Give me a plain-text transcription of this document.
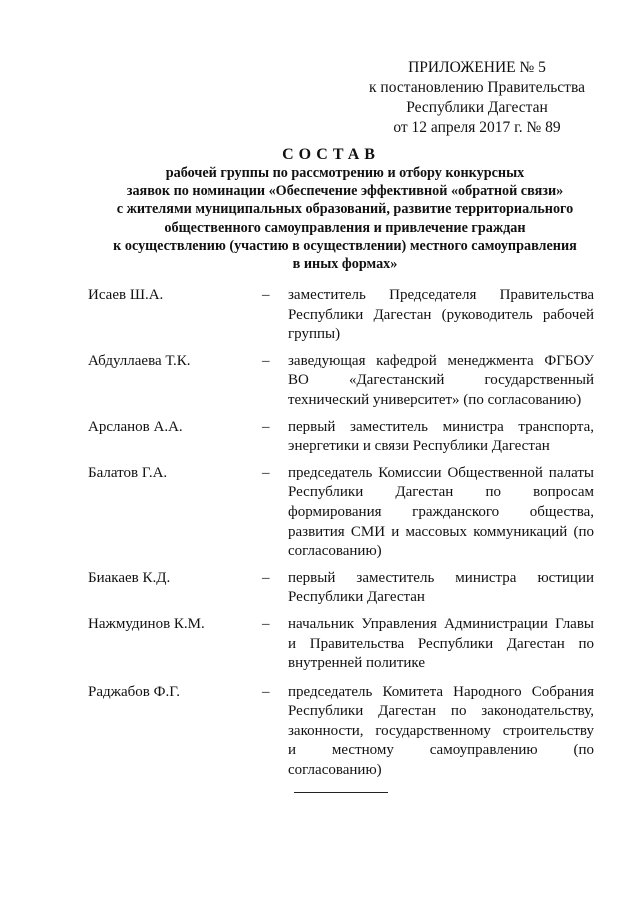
ПРИЛОЖЕНИЕ № 5
к постановлению Правительства
Республики Дагестан
от 12 апреля 2017 г. № 89
СОСТАВ
рабочей группы по рассмотрению и отбору конкурсных
заявок по номинации «Обеспечение эффективной «обратной связи»
с жителями муниципальных образований, развитие территориального
общественного самоуправления и привлечение граждан
к осуществлению (участию в осуществлении) местного самоуправления
в иных формах»
Исаев Ш.А.	–	заместитель Председателя Правительства
Республики Дагестан (руководитель рабочей
группы)
Абдуллаева Т.К.	–	заведующая кафедрой менеджмента ФГБОУ
ВО «Дагестанский государственный
технический университет» (по согласованию)
Арсланов А.А.	–	первый заместитель министра транспорта,
энергетики и связи Республики Дагестан
Балатов Г.А.	–	председатель Комиссии Общественной палаты
Республики Дагестан по вопросам
формирования гражданского общества,
развития СМИ и массовых коммуникаций (по
согласованию)
Биакаев К.Д.	–	первый заместитель министра юстиции
Республики Дагестан
Нажмудинов К.М.	–	начальник Управления Администрации Главы
и Правительства Республики Дагестан по
внутренней политике
Раджабов Ф.Г.	–	председатель Комитета Народного Собрания
Республики Дагестан по законодательству,
законности, государственному строительству
и местному самоуправлению (по
согласованию)
